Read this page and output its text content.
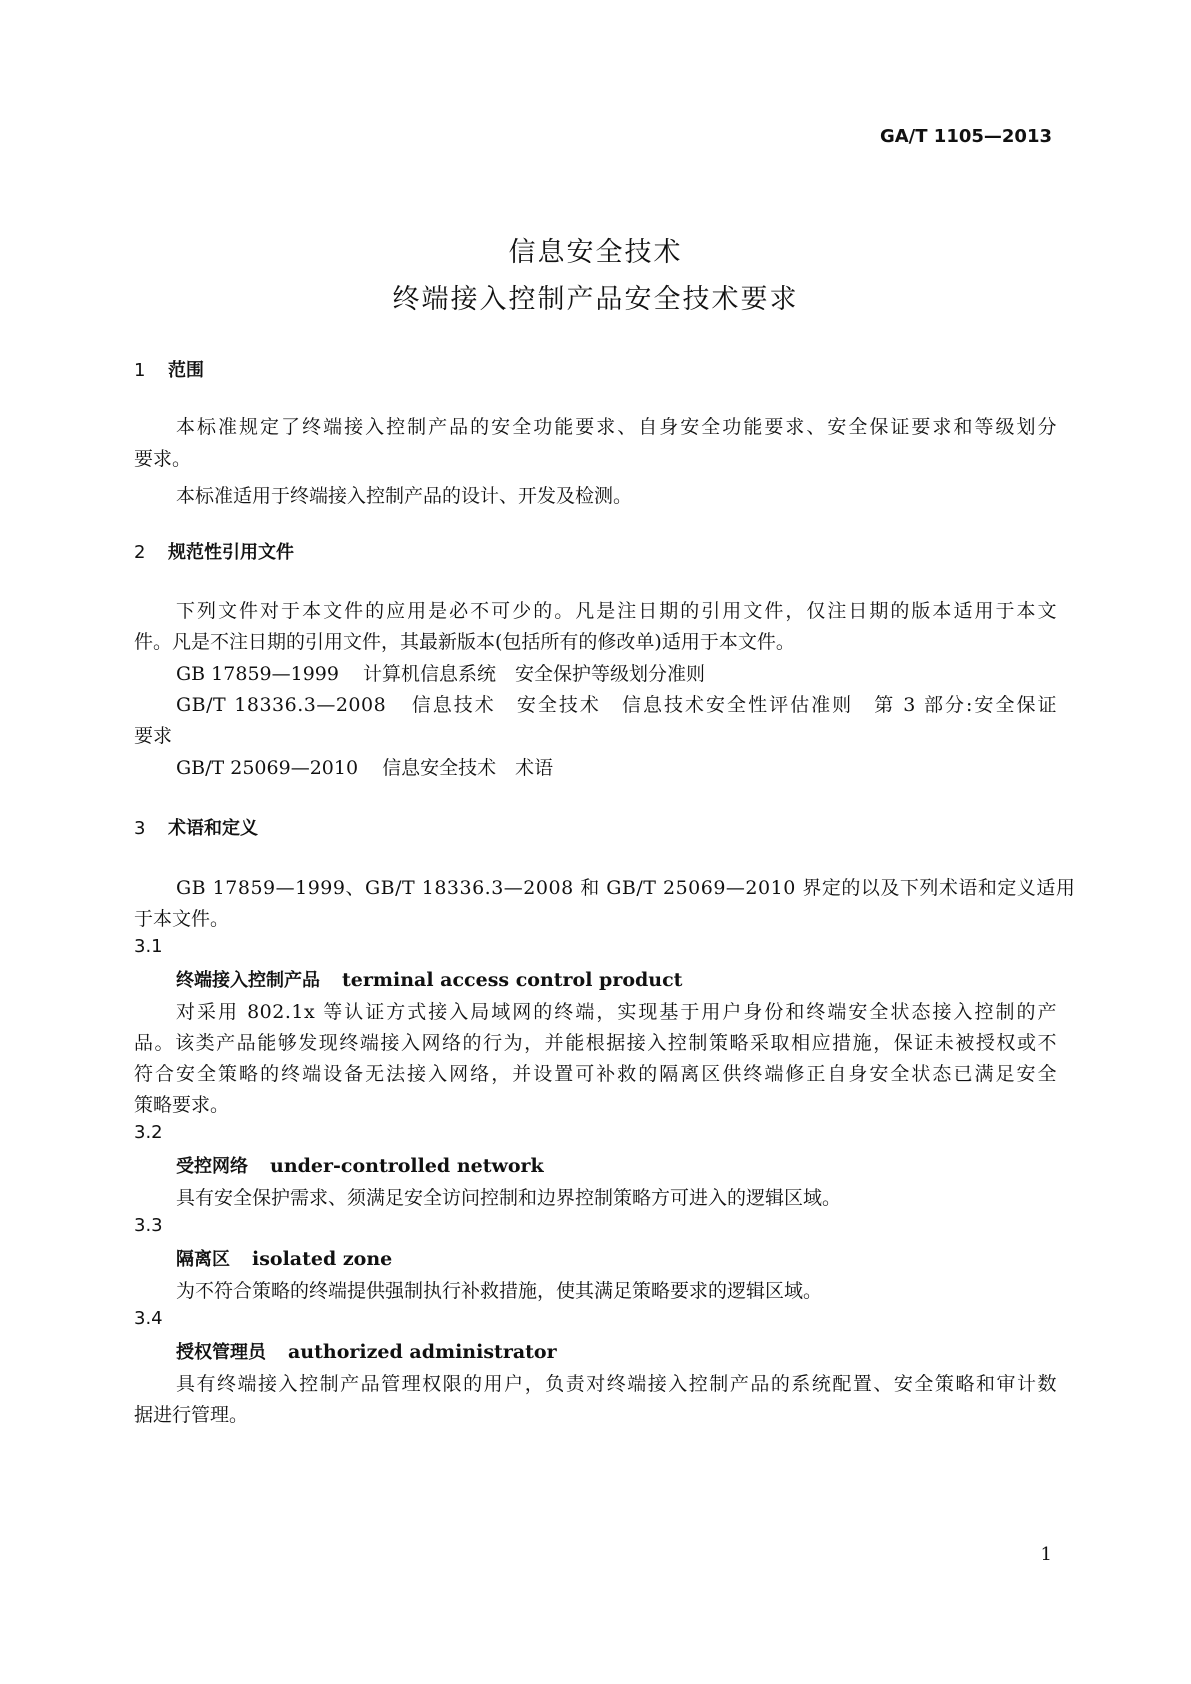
GA/T 1105—2013
信息安全技术
终端接入控制产品安全技术要求
1 范围
本标准规定了终端接入控制产品的安全功能要求、自身安全功能要求、安全保证要求和等级划分
要求。
本标准适用于终端接入控制产品的设计、开发及检测。
2 规范性引用文件
下列文件对于本文件的应用是必不可少的。凡是注日期的引用文件，仅注日期的版本适用于本文
件。凡是不注日期的引用文件，其最新版本(包括所有的修改单)适用于本文件。
GB 17859—1999 计算机信息系统　安全保护等级划分准则
GB/T 18336.3—2008 信息技术　安全技术　信息技术安全性评估准则　第 3 部分:安全保证
要求
GB/T 25069—2010 信息安全技术　术语
3 术语和定义
GB 17859—1999、GB/T 18336.3—2008 和 GB/T 25069—2010 界定的以及下列术语和定义适用
于本文件。
3.1
终端接入控制产品 terminal access control product
对采用 802.1x 等认证方式接入局域网的终端，实现基于用户身份和终端安全状态接入控制的产
品。该类产品能够发现终端接入网络的行为，并能根据接入控制策略采取相应措施，保证未被授权或不
符合安全策略的终端设备无法接入网络，并设置可补救的隔离区供终端修正自身安全状态已满足安全
策略要求。
3.2
受控网络 under-controlled network
具有安全保护需求、须满足安全访问控制和边界控制策略方可进入的逻辑区域。
3.3
隔离区 isolated zone
为不符合策略的终端提供强制执行补救措施，使其满足策略要求的逻辑区域。
3.4
授权管理员 authorized administrator
具有终端接入控制产品管理权限的用户，负责对终端接入控制产品的系统配置、安全策略和审计数
据进行管理。
1
